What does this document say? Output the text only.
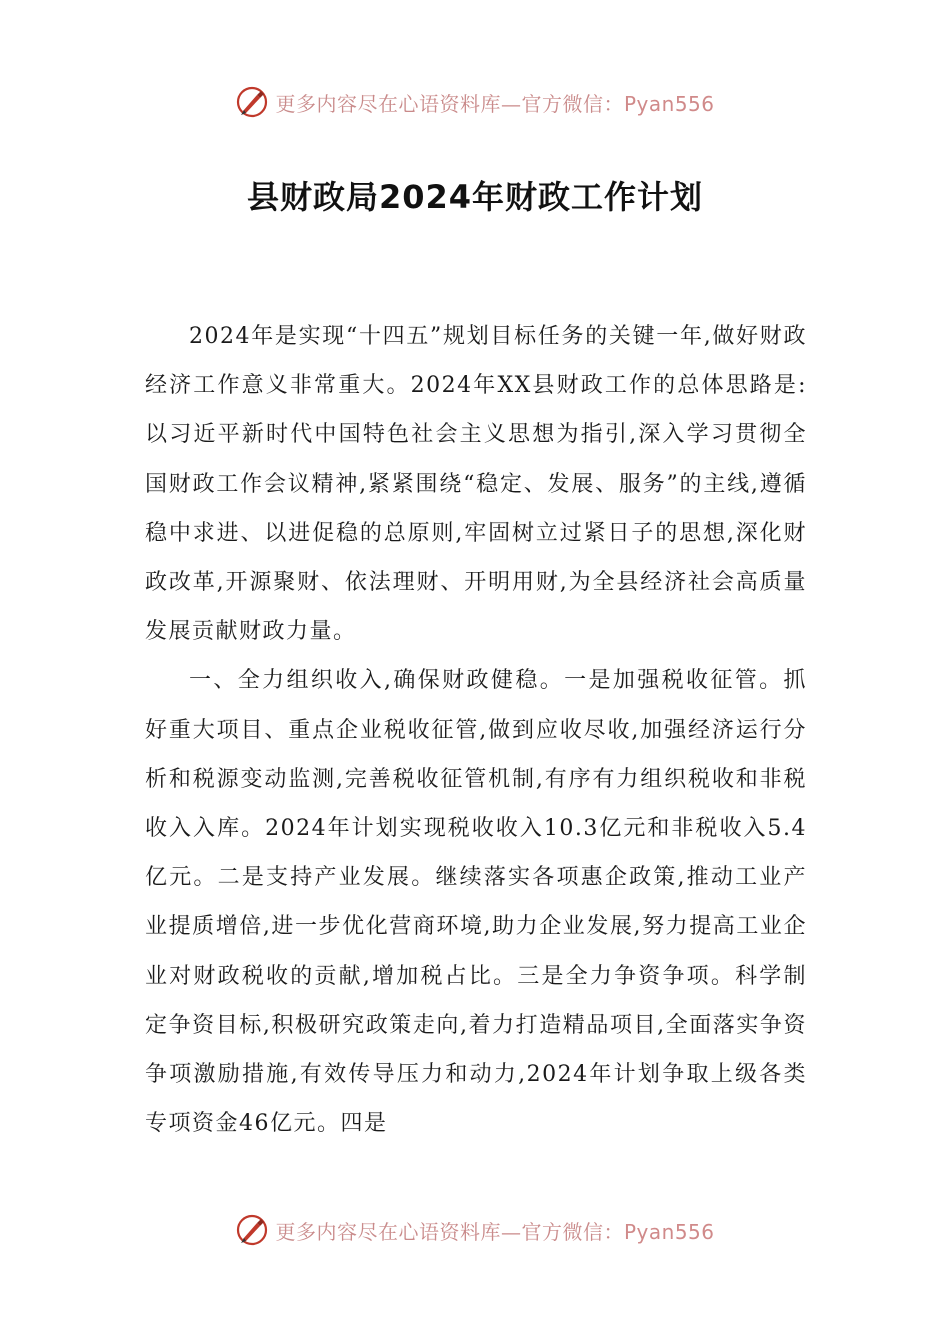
更多内容尽在心语资料库—官方微信：Pyan556
县财政局2024年财政工作计划

2024年是实现“十四五”规划目标任务的关键一年,做好财政经济工作意义非常重大。2024年XX县财政工作的总体思路是:以习近平新时代中国特色社会主义思想为指引,深入学习贯彻全国财政工作会议精神,紧紧围绕“稳定、发展、服务”的主线,遵循稳中求进、以进促稳的总原则,牢固树立过紧日子的思想,深化财政改革,开源聚财、依法理财、开明用财,为全县经济社会高质量发展贡献财政力量。

一、全力组织收入,确保财政健稳。一是加强税收征管。抓好重大项目、重点企业税收征管,做到应收尽收,加强经济运行分析和税源变动监测,完善税收征管机制,有序有力组织税收和非税收入入库。2024年计划实现税收收入10.3亿元和非税收入5.4亿元。二是支持产业发展。继续落实各项惠企政策,推动工业产业提质增倍,进一步优化营商环境,助力企业发展,努力提高工业企业对财政税收的贡献,增加税占比。三是全力争资争项。科学制定争资目标,积极研究政策走向,着力打造精品项目,全面落实争资争项激励措施,有效传导压力和动力,2024年计划争取上级各类专项资金46亿元。四是

更多内容尽在心语资料库—官方微信：Pyan556
